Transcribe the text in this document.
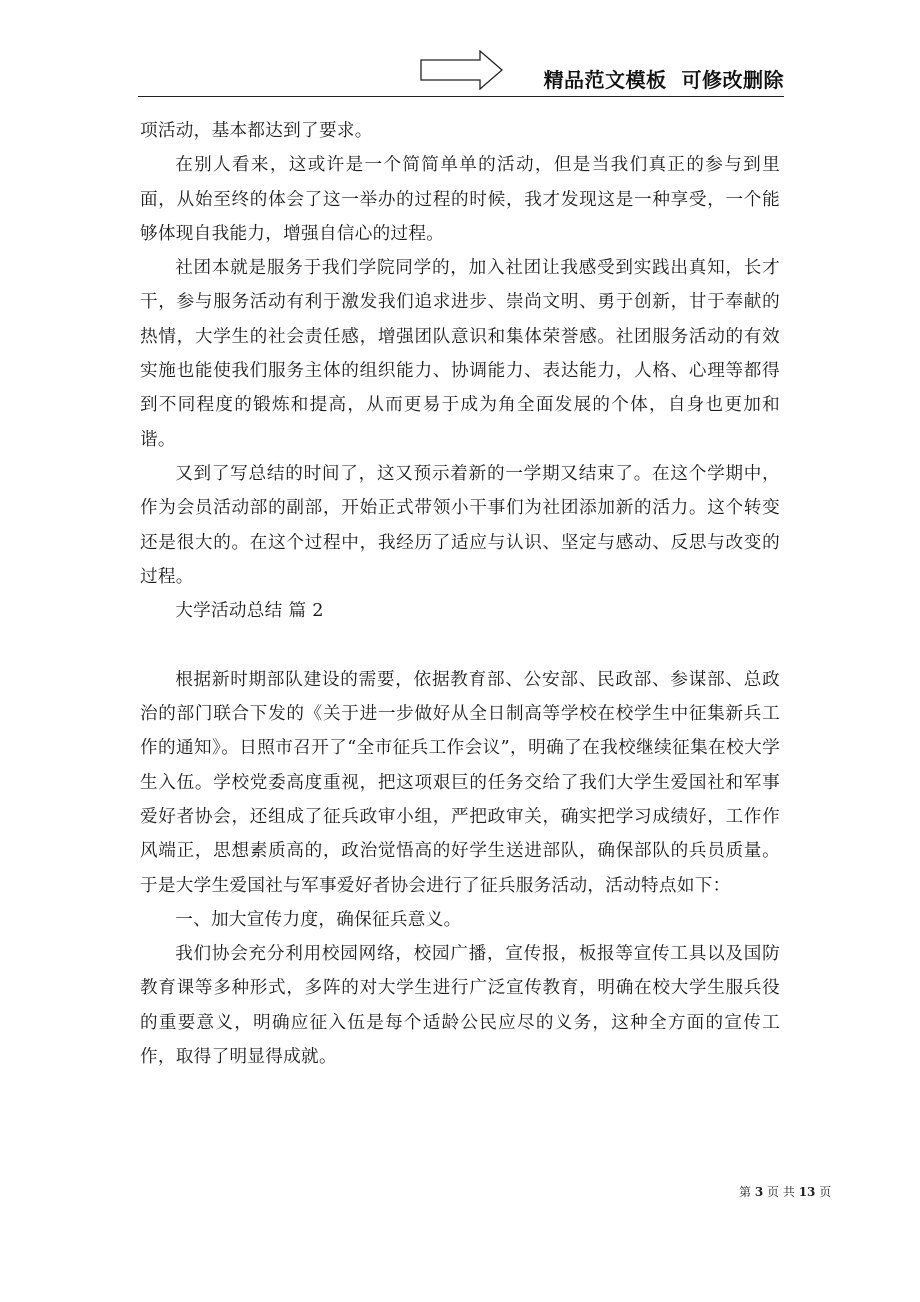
精品范文模板  可修改删除

项活动，基本都达到了要求。

在别人看来，这或许是一个简简单单的活动，但是当我们真正的参与到里面，从始至终的体会了这一举办的过程的时候，我才发现这是一种享受，一个能够体现自我能力，增强自信心的过程。

社团本就是服务于我们学院同学的，加入社团让我感受到实践出真知，长才干，参与服务活动有利于激发我们追求进步、崇尚文明、勇于创新，甘于奉献的热情，大学生的社会责任感，增强团队意识和集体荣誉感。社团服务活动的有效实施也能使我们服务主体的组织能力、协调能力、表达能力，人格、心理等都得到不同程度的锻炼和提高，从而更易于成为角全面发展的个体，自身也更加和谐。

又到了写总结的时间了，这又预示着新的一学期又结束了。在这个学期中，作为会员活动部的副部，开始正式带领小干事们为社团添加新的活力。这个转变还是很大的。在这个过程中，我经历了适应与认识、坚定与感动、反思与改变的过程。

大学活动总结 篇 2

根据新时期部队建设的需要，依据教育部、公安部、民政部、参谋部、总政治的部门联合下发的《关于进一步做好从全日制高等学校在校学生中征集新兵工作的通知》。日照市召开了“全市征兵工作会议”，明确了在我校继续征集在校大学生入伍。学校党委高度重视，把这项艰巨的任务交给了我们大学生爱国社和军事爱好者协会，还组成了征兵政审小组，严把政审关，确实把学习成绩好，工作作风端正，思想素质高的，政治觉悟高的好学生送进部队，确保部队的兵员质量。于是大学生爱国社与军事爱好者协会进行了征兵服务活动，活动特点如下：

一、加大宣传力度，确保征兵意义。

我们协会充分利用校园网络，校园广播，宣传报，板报等宣传工具以及国防教育课等多种形式，多阵的对大学生进行广泛宣传教育，明确在校大学生服兵役的重要意义，明确应征入伍是每个适龄公民应尽的义务，这种全方面的宣传工作，取得了明显得成就。

第 3 页 共 13 页
